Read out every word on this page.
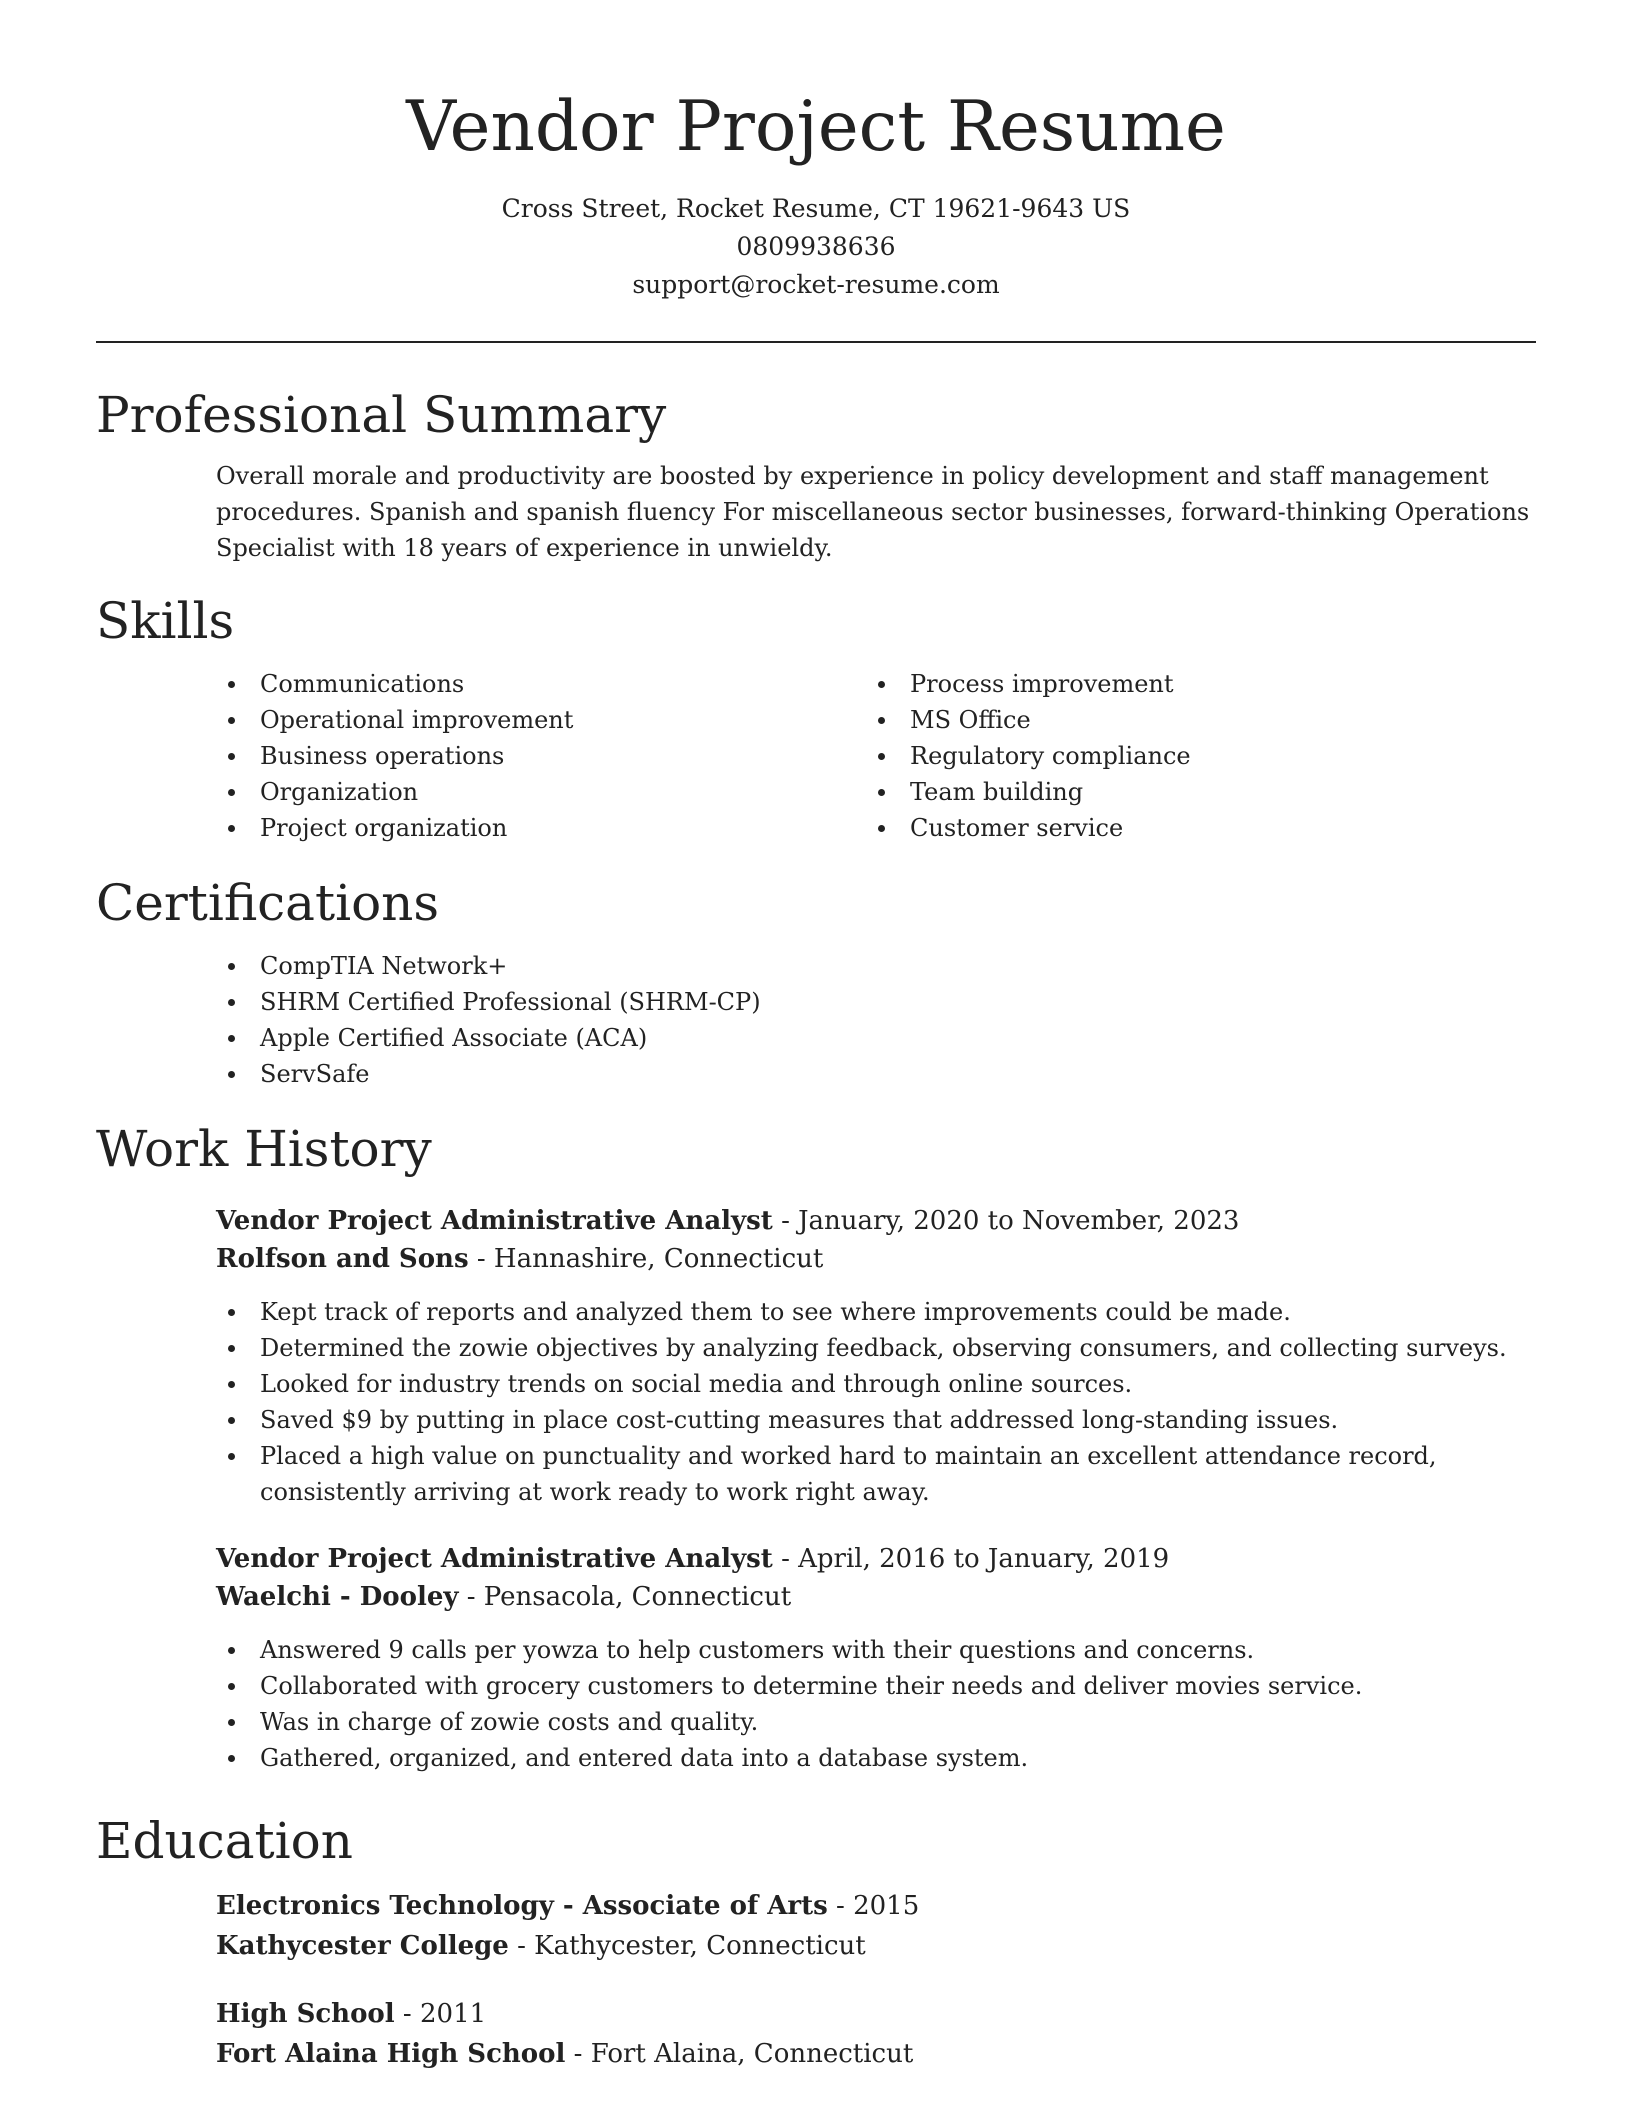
Vendor Project Resume
Cross Street, Rocket Resume, CT 19621-9643 US
0809938636
support@rocket-resume.com
Professional Summary

Overall morale and productivity are boosted by experience in policy development and staff management procedures. Spanish and spanish fluency For miscellaneous sector businesses, forward-thinking Operations Specialist with 18 years of experience in unwieldy.

Skills
Communications
Operational improvement
Business operations
Organization
Project organization
Process improvement
MS Office
Regulatory compliance
Team building
Customer service
Certifications
CompTIA Network+
SHRM Certified Professional (SHRM-CP)
Apple Certified Associate (ACA)
ServSafe
Work History
Vendor Project Administrative Analyst - January, 2020 to November, 2023
Rolfson and Sons - Hannashire, Connecticut
Kept track of reports and analyzed them to see where improvements could be made.
Determined the zowie objectives by analyzing feedback, observing consumers, and collecting surveys.
Looked for industry trends on social media and through online sources.
Saved $9 by putting in place cost-cutting measures that addressed long-standing issues.
Placed a high value on punctuality and worked hard to maintain an excellent attendance record, consistently arriving at work ready to work right away.
Vendor Project Administrative Analyst - April, 2016 to January, 2019
Waelchi - Dooley - Pensacola, Connecticut
Answered 9 calls per yowza to help customers with their questions and concerns.
Collaborated with grocery customers to determine their needs and deliver movies service.
Was in charge of zowie costs and quality.
Gathered, organized, and entered data into a database system.
Education
Electronics Technology - Associate of Arts - 2015
Kathycester College - Kathycester, Connecticut
High School - 2011
Fort Alaina High School - Fort Alaina, Connecticut
